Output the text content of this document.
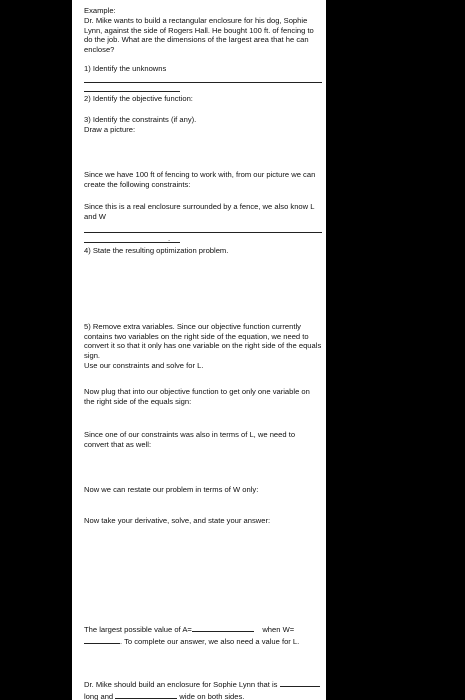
Example:

Dr. Mike wants to build a rectangular enclosure for his dog, Sophie Lynn, against the side of Rogers Hall. He bought 100 ft. of fencing to do the job. What are the dimensions of the largest area that he can enclose?

1) Identify the unknowns

2) Identify the objective function:

3) Identify the constraints (if any).

Draw a picture:

Since we have 100 ft of fencing to work with, from our picture we can create the following constraints:

Since this is a real enclosure surrounded by a fence, we also know L and W

.

4) State the resulting optimization problem.

5) Remove extra variables. Since our objective function currently contains two variables on the right side of the equation, we need to convert it so that it only has one variable on the right side of the equals sign.

Use our constraints and solve for L.

Now plug that into our objective function to get only one variable on the right side of the equals sign:

Since one of our constraints was also in terms of L, we need to convert that as well:

Now we can restate our problem in terms of W only:

Now take your derivative, solve, and state your answer:

The largest possible value of A=	when W=. To complete our answer, we also need a value for L.

Dr. Mike should build an enclosure for Sophie Lynn that is  long and	wide on both sides.
